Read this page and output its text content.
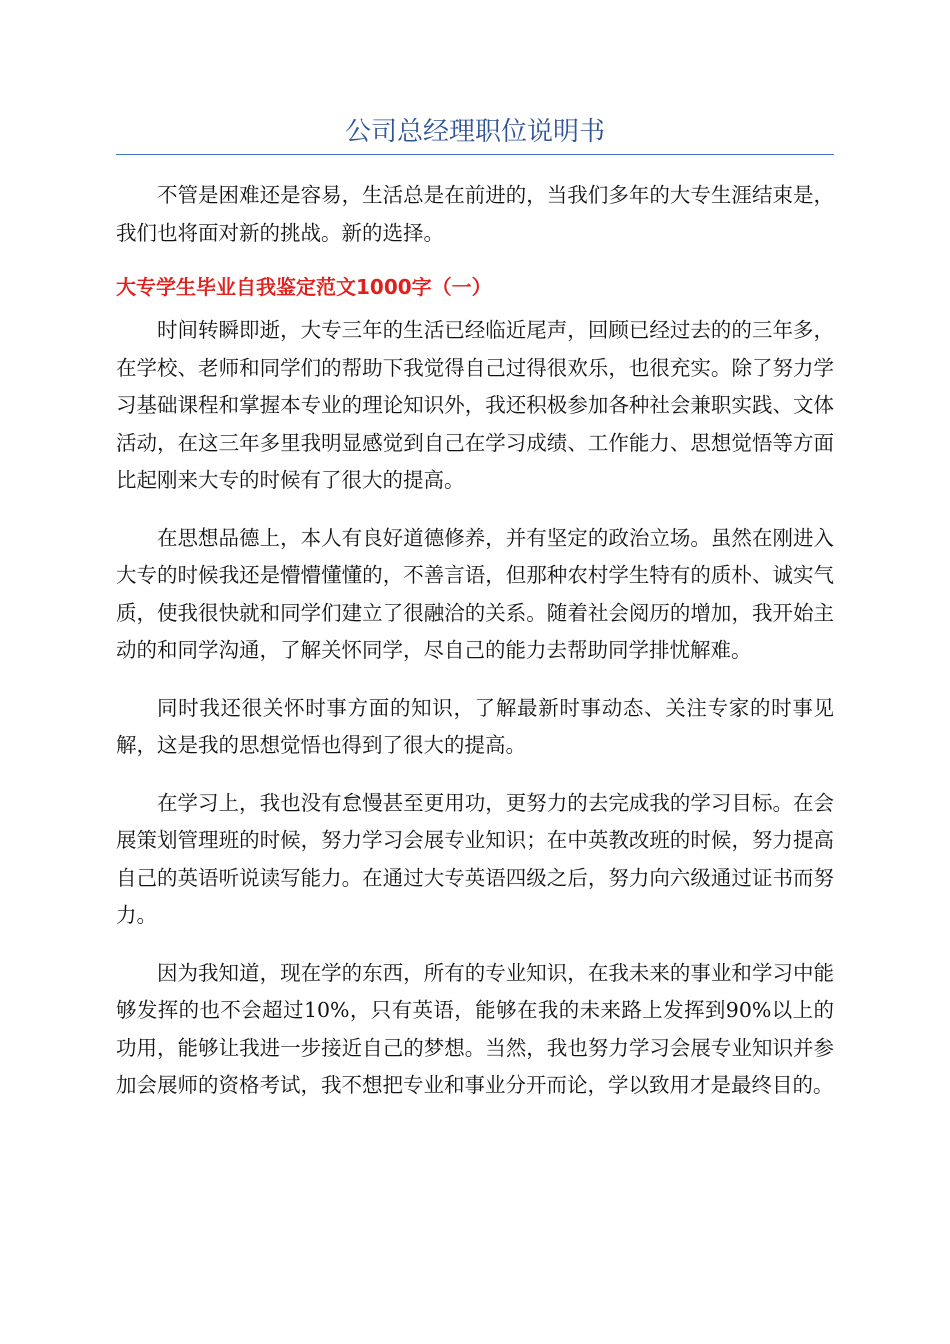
公司总经理职位说明书

不管是困难还是容易，生活总是在前进的，当我们多年的大专生涯结束是，我们也将面对新的挑战。新的选择。

大专学生毕业自我鉴定范文1000字（一）

时间转瞬即逝，大专三年的生活已经临近尾声，回顾已经过去的的三年多，在学校、老师和同学们的帮助下我觉得自己过得很欢乐，也很充实。除了努力学习基础课程和掌握本专业的理论知识外，我还积极参加各种社会兼职实践、文体活动，在这三年多里我明显感觉到自己在学习成绩、工作能力、思想觉悟等方面比起刚来大专的时候有了很大的提高。

在思想品德上，本人有良好道德修养，并有坚定的政治立场。虽然在刚进入大专的时候我还是懵懵懂懂的，不善言语，但那种农村学生特有的质朴、诚实气质，使我很快就和同学们建立了很融洽的关系。随着社会阅历的增加，我开始主动的和同学沟通，了解关怀同学，尽自己的能力去帮助同学排忧解难。

同时我还很关怀时事方面的知识，了解最新时事动态、关注专家的时事见解，这是我的思想觉悟也得到了很大的提高。

在学习上，我也没有怠慢甚至更用功，更努力的去完成我的学习目标。在会展策划管理班的时候，努力学习会展专业知识；在中英教改班的时候，努力提高自己的英语听说读写能力。在通过大专英语四级之后，努力向六级通过证书而努力。

因为我知道，现在学的东西，所有的专业知识，在我未来的事业和学习中能够发挥的也不会超过10%，只有英语，能够在我的未来路上发挥到90%以上的功用，能够让我进一步接近自己的梦想。当然，我也努力学习会展专业知识并参加会展师的资格考试，我不想把专业和事业分开而论，学以致用才是最终目的。
